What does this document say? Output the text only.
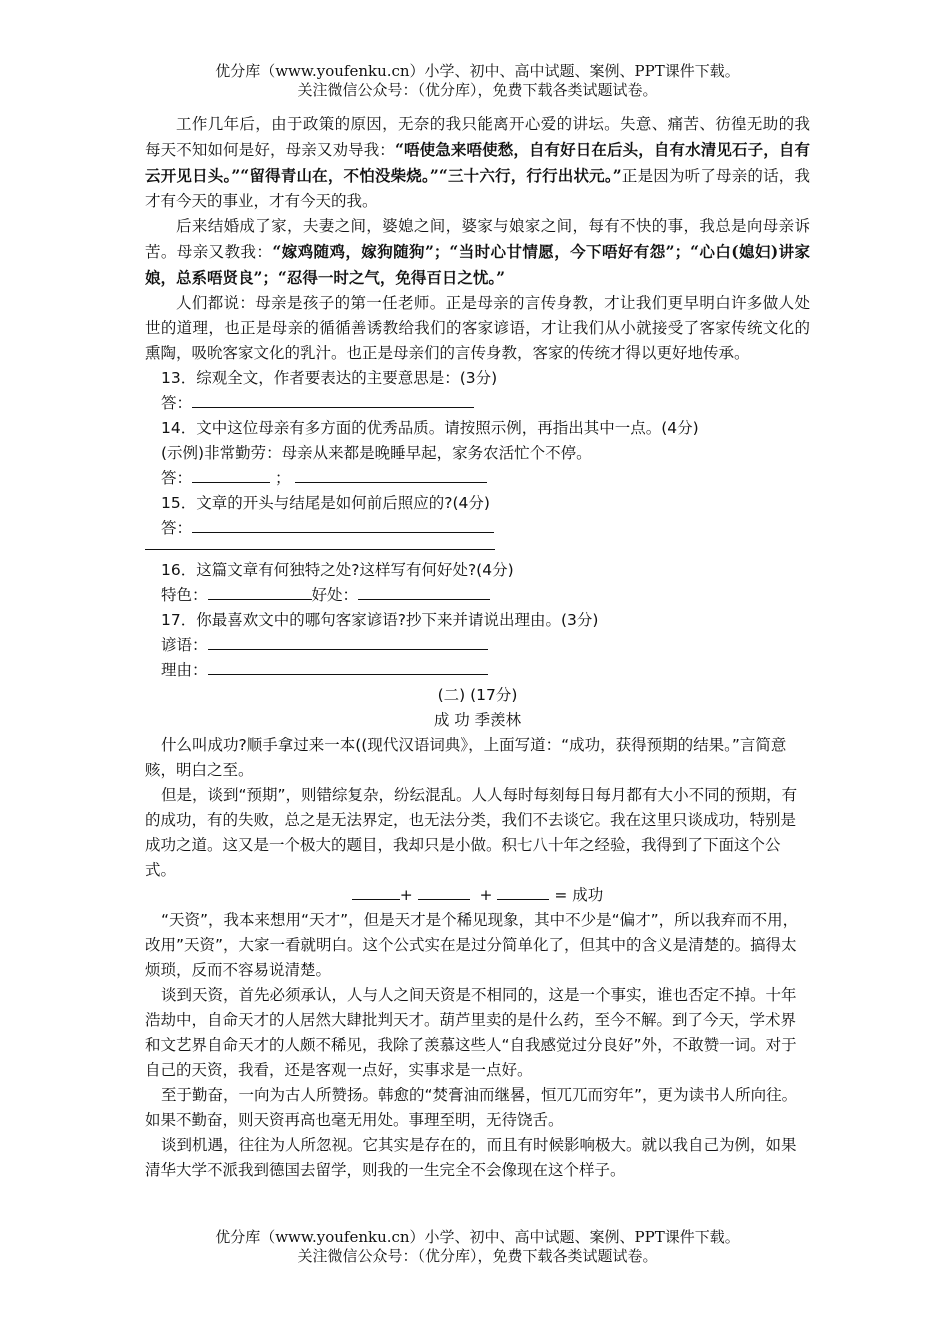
优分库（www.youfenku.cn）小学、初中、高中试题、案例、PPT课件下载。
关注微信公众号：（优分库），免费下载各类试题试卷。

工作几年后，由于政策的原因，无奈的我只能离开心爱的讲坛。失意、痛苦、彷徨无助的我每天不知如何是好，母亲又劝导我：“唔使急来唔使愁，自有好日在后头，自有水清见石子，自有云开见日头。”“留得青山在，不怕没柴烧。”“三十六行，行行出状元。”正是因为听了母亲的话，我才有今天的事业，才有今天的我。

后来结婚成了家，夫妻之间，婆媳之间，婆家与娘家之间，每有不快的事，我总是向母亲诉苦。母亲又教我：“嫁鸡随鸡，嫁狗随狗”；“当时心甘情愿，今下唔好有怨”；“心白(媳妇)讲家娘，总系唔贤良”；“忍得一时之气，免得百日之忧。”

人们都说：母亲是孩子的第一任老师。正是母亲的言传身教，才让我们更早明白许多做人处世的道理，也正是母亲的循循善诱教给我们的客家谚语，才让我们从小就接受了客家传统文化的熏陶，吸吮客家文化的乳汁。也正是母亲们的言传身教，客家的传统才得以更好地传承。

13．综观全文，作者要表达的主要意思是：(3分)

答：

14．文中这位母亲有多方面的优秀品质。请按照示例，再指出其中一点。(4分)

(示例)非常勤劳：母亲从来都是晚睡早起，家务农活忙个不停。

答：	；

15．文章的开头与结尾是如何前后照应的?(4分)

答：

16．这篇文章有何独特之处?这样写有何好处?(4分)

特色：	好处：

17．你最喜欢文中的哪句客家谚语?抄下来并请说出理由。(3分)

谚语：

理由：

(二) (17分)

成 功 季羡林

什么叫成功?顺手拿过来一本((现代汉语词典》，上面写道：“成功，获得预期的结果。”言简意赅，明白之至。

但是，谈到“预期”，则错综复杂，纷纭混乱。人人每时每刻每日每月都有大小不同的预期，有的成功，有的失败，总之是无法界定，也无法分类，我们不去谈它。我在这里只谈成功，特别是成功之道。这又是一个极大的题目，我却只是小做。积七八十年之经验，我得到了下面这个公式。

+	+	= 成功

“天资”，我本来想用“天才”，但是天才是个稀见现象，其中不少是“偏才”，所以我弃而不用，改用”天资”，大家一看就明白。这个公式实在是过分简单化了，但其中的含义是清楚的。搞得太烦琐，反而不容易说清楚。

谈到天资，首先必须承认，人与人之间天资是不相同的，这是一个事实，谁也否定不掉。十年浩劫中，自命天才的人居然大肆批判天才。葫芦里卖的是什么药，至今不解。到了今天，学术界和文艺界自命天才的人颇不稀见，我除了羡慕这些人“自我感觉过分良好”外，不敢赞一词。对于自己的天资，我看，还是客观一点好，实事求是一点好。

至于勤奋，一向为古人所赞扬。韩愈的“焚膏油而继晷，恒兀兀而穷年”，更为读书人所向往。如果不勤奋，则天资再高也毫无用处。事理至明，无待饶舌。

谈到机遇，往往为人所忽视。它其实是存在的，而且有时候影响极大。就以我自己为例，如果清华大学不派我到德国去留学，则我的一生完全不会像现在这个样子。

优分库（www.youfenku.cn）小学、初中、高中试题、案例、PPT课件下载。
关注微信公众号：（优分库），免费下载各类试题试卷。
